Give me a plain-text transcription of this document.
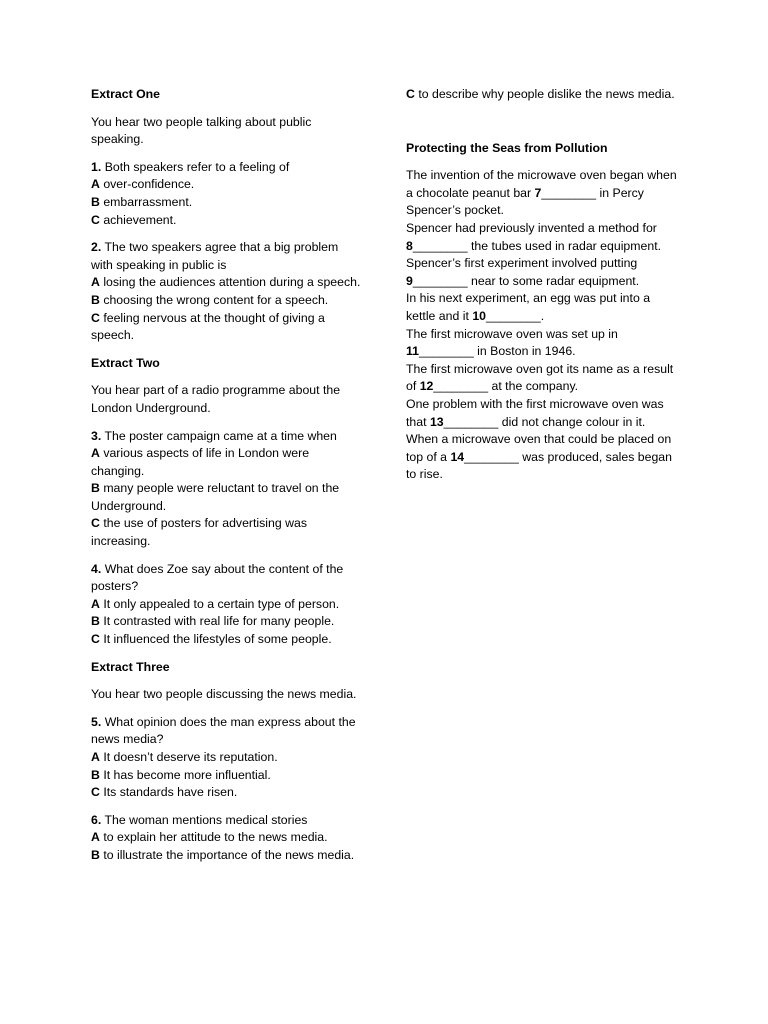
Extract One
You hear two people talking about public speaking.
1. Both speakers refer to a feeling of
A over-confidence.
B embarrassment.
C achievement.
2. The two speakers agree that a big problem with speaking in public is
A losing the audiences attention during a speech.
B choosing the wrong content for a speech.
C feeling nervous at the thought of giving a speech.
Extract Two
You hear part of a radio programme about the London Underground.
3. The poster campaign came at a time when
A various aspects of life in London were changing.
B many people were reluctant to travel on the Underground.
C the use of posters for advertising was increasing.
4. What does Zoe say about the content of the posters?
A It only appealed to a certain type of person.
B It contrasted with real life for many people.
C It influenced the lifestyles of some people.
Extract Three
You hear two people discussing the news media.
5. What opinion does the man express about the news media?
A It doesn’t deserve its reputation.
B It has become more influential.
C Its standards have risen.
6. The woman mentions medical stories
A to explain her attitude to the news media.
B to illustrate the importance of the news media.
C to describe why people dislike the news media.
Protecting the Seas from Pollution
The invention of the microwave oven began when a chocolate peanut bar 7________ in Percy Spencer’s pocket.
Spencer had previously invented a method for 8________ the tubes used in radar equipment.
Spencer’s first experiment involved putting 9________ near to some radar equipment.
In his next experiment, an egg was put into a kettle and it 10________.
The first microwave oven was set up in 11________ in Boston in 1946.
The first microwave oven got its name as a result of 12________ at the company.
One problem with the first microwave oven was that 13________ did not change colour in it.
When a microwave oven that could be placed on top of a 14________ was produced, sales began to rise.
